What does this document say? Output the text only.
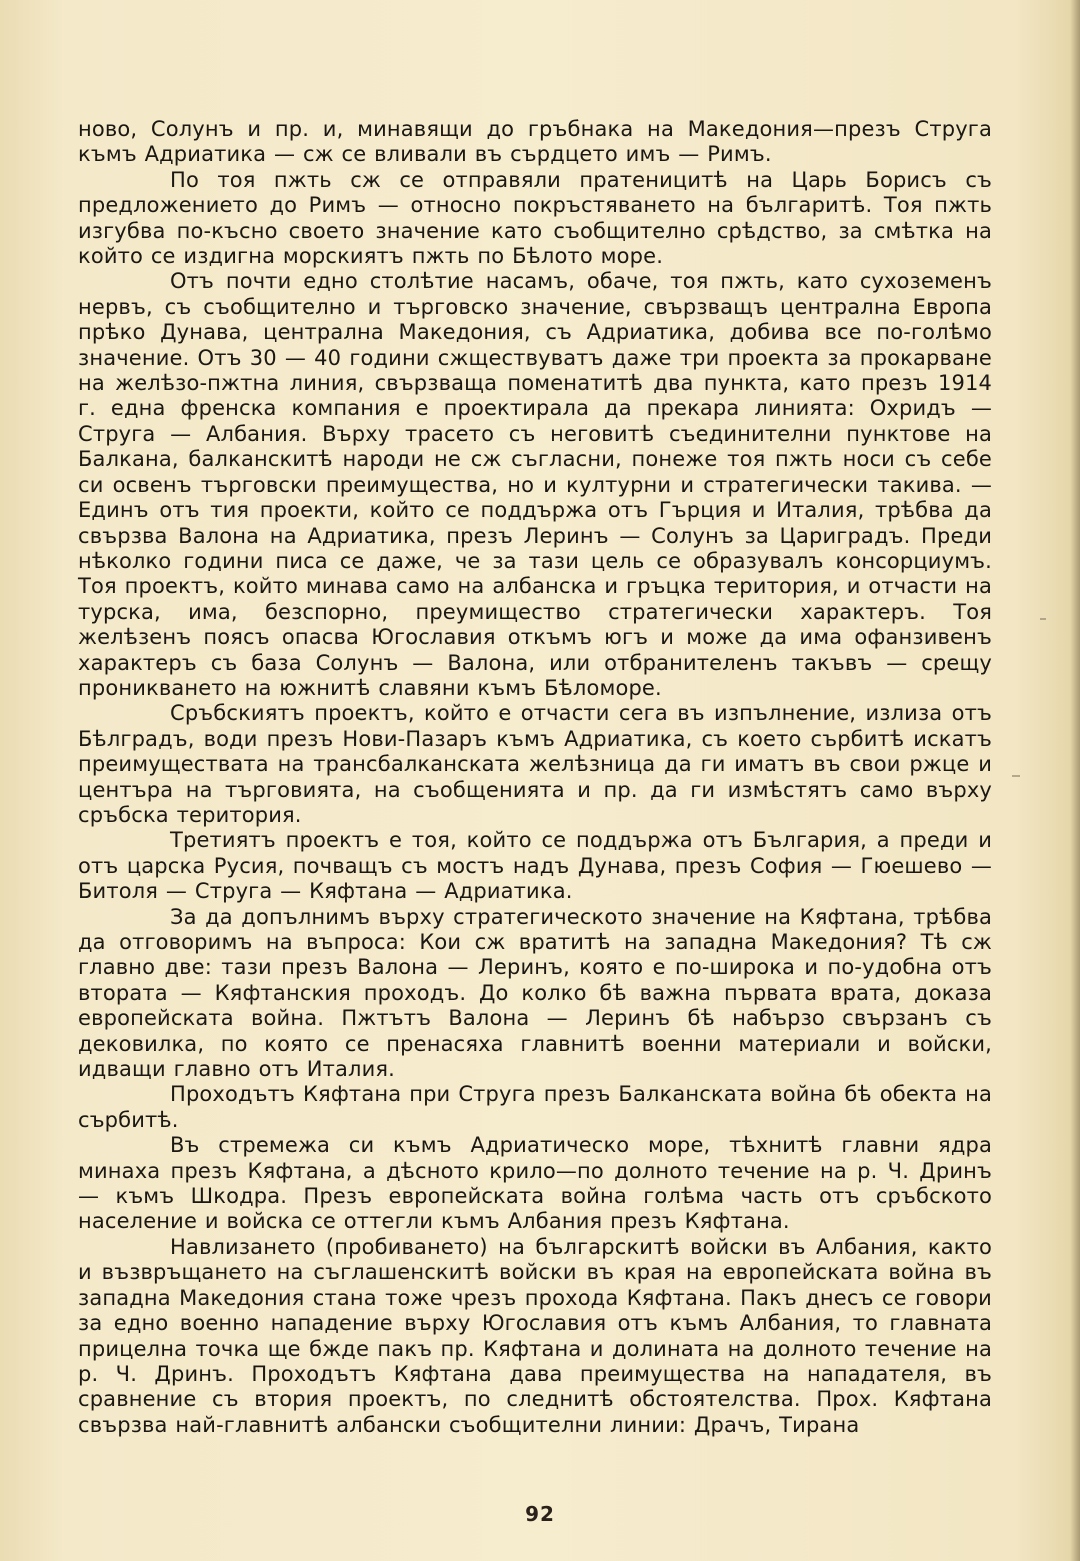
ново, Солунъ и пр. и, минавящи до гръбнака на Македония—презъ Струга къмъ Адриатика — сж се вливали въ сърдцето имъ — Римъ.

По тоя пжть сж се отправяли пратеницитѣ на Царь Борисъ съ предложението до Римъ — относно покръстяването на българитѣ. Тоя пжть изгубва по-късно своето значение като съобщително срѣдство, за смѣтка на който се издигна морскиятъ пжть по Бѣлото море.

Отъ почти едно столѣтие насамъ, обаче, тоя пжть, като сухоземенъ нервъ, съ съобщително и търговско значение, свързващъ централна Европа прѣко Дунава, централна Македония, съ Адриатика, добива все по-голѣмо значение. Отъ 30 — 40 години сжществуватъ даже три проекта за прокарване на желѣзо-пжтна линия, свързваща поменатитѣ два пункта, като презъ 1914 г. една френска компания е проектирала да прекара линията: Охридъ — Струга — Албания. Върху трасето съ неговитѣ съединителни пунктове на Балкана, балканскитѣ народи не сж съгласни, понеже тоя пжть носи съ себе си освенъ търговски преимущества, но и културни и стратегически такива. — Единъ отъ тия проекти, който се поддържа отъ Гърция и Италия, трѣбва да свързва Валона на Адриатика, презъ Леринъ — Солунъ за Цариградъ. Преди нѣколко години писа се даже, че за тази цель се образувалъ консорциумъ. Тоя проектъ, който минава само на албанска и гръцка територия, и отчасти на турска, има, безспорно, преумищество стратегически характеръ. Тоя желѣзенъ поясъ опасва Югославия откъмъ югъ и може да има офанзивенъ характеръ съ база Солунъ — Валона, или отбранителенъ такъвъ — срещу проникването на южнитѣ славяни къмъ Бѣломоре.

Сръбскиятъ проектъ, който е отчасти сега въ изпълнение, излиза отъ Бѣлградъ, води презъ Нови-Пазаръ къмъ Адриатика, съ което сърбитѣ искатъ преимуществата на трансбалканската желѣзница да ги иматъ въ свои ржце и центъра на търговията, на съобщенията и пр. да ги измѣстятъ само върху сръбска територия.

Третиятъ проектъ е тоя, който се поддържа отъ България, а преди и отъ царска Русия, почващъ съ мостъ надъ Дунава, презъ София — Гюешево —Битоля — Струга — Кяфтана — Адриатика.

За да допълнимъ върху стратегическото значение на Кяфтана, трѣбва да отговоримъ на въпроса: Кои сж вратитѣ на западна Македония? Тѣ сж главно две: тази презъ Валона — Леринъ, която е по-широка и по-удобна отъ втората — Кяфтанския проходъ. До колко бѣ важна първата врата, доказа европейската война. Пжтътъ Валона — Леринъ бѣ набързо свързанъ съ дековилка, по която се пренасяха главнитѣ военни материали и войски, идващи главно отъ Италия.

Проходътъ Кяфтана при Струга презъ Балканската война бѣ обекта на сърбитѣ.

Въ стремежа си къмъ Адриатическо море, тѣхнитѣ главни ядра минаха презъ Кяфтана, а дѣсното крило—по долното течение на р. Ч. Дринъ — къмъ Шкодра. Презъ европейската война голѣма часть отъ сръбското население и войска се оттегли къмъ Албания презъ Кяфтана.

Навлизането (пробиването) на българскитѣ войски въ Албания, както и възвръщането на съглашенскитѣ войски въ края на европейската война въ западна Македония стана тоже чрезъ прохода Кяфтана. Пакъ днесъ се говори за едно военно нападение върху Югославия отъ къмъ Албания, то главната прицелна точка ще бжде пакъ пр. Кяфтана и долината на долното течение на р. Ч. Дринъ. Проходътъ Кяфтана дава преимущества на нападателя, въ сравнение съ втория проектъ, по следнитѣ обстоятелства. Прох. Кяфтана свързва най-главнитѣ албански съобщителни линии: Драчъ, Тирана

92
